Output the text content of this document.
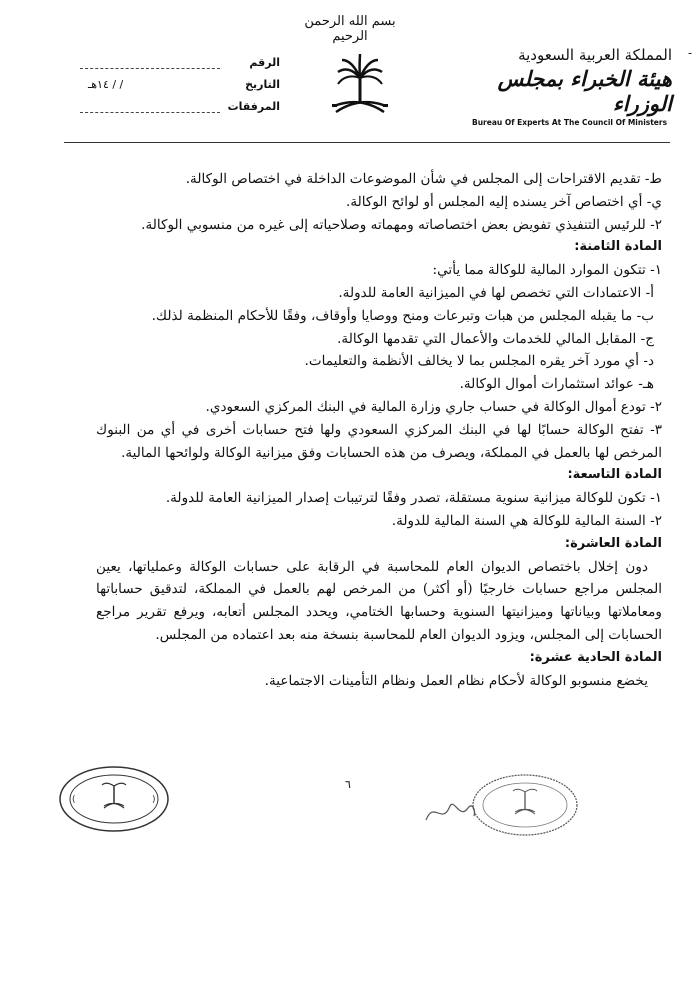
بسم الله الرحمن الرحيم
الرقم
التاريخ
/ / ١٤هـ
المرفقات
المملكة العربية السعودية
هيئة الخبراء بمجلس الوزراء
Bureau Of Experts At The Council Of Ministers
-

ط- تقديم الاقتراحات إلى المجلس في شأن الموضوعات الداخلة في اختصاص الوكالة.

ي- أي اختصاص آخر يسنده إليه المجلس أو لوائح الوكالة.

٢- للرئيس التنفيذي تفويض بعض اختصاصاته ومهماته وصلاحياته إلى غيره من منسوبي الوكالة.

المادة الثامنة:

١- تتكون الموارد المالية للوكالة مما يأتي:

أ- الاعتمادات التي تخصص لها في الميزانية العامة للدولة.

ب- ما يقبله المجلس من هبات وتبرعات ومنح ووصايا وأوقاف، وفقًا للأحكام المنظمة لذلك.

ج- المقابل المالي للخدمات والأعمال التي تقدمها الوكالة.

د- أي مورد آخر يقره المجلس بما لا يخالف الأنظمة والتعليمات.

هـ- عوائد استثمارات أموال الوكالة.

٢- تودع أموال الوكالة في حساب جاري وزارة المالية في البنك المركزي السعودي.

٣- تفتح الوكالة حسابًا لها في البنك المركزي السعودي ولها فتح حسابات أخرى في أي من البنوك المرخص لها بالعمل في المملكة، ويصرف من هذه الحسابات وفق ميزانية الوكالة ولوائحها المالية.

المادة التاسعة:

١- تكون للوكالة ميزانية سنوية مستقلة، تصدر وفقًا لترتيبات إصدار الميزانية العامة للدولة.

٢- السنة المالية للوكالة هي السنة المالية للدولة.

المادة العاشرة:

دون إخلال باختصاص الديوان العام للمحاسبة في الرقابة على حسابات الوكالة وعملياتها، يعين المجلس مراجع حسابات خارجيًا (أو أكثر) من المرخص لهم بالعمل في المملكة، لتدقيق حساباتها ومعاملاتها وبياناتها وميزانيتها السنوية وحسابها الختامي، ويحدد المجلس أتعابه، ويرفع تقرير مراجع الحسابات إلى المجلس، ويزود الديوان العام للمحاسبة بنسخة منه بعد اعتماده من المجلس.

المادة الحادية عشرة:

يخضع منسوبو الوكالة لأحكام نظام العمل ونظام التأمينات الاجتماعية.

٦
(	)
